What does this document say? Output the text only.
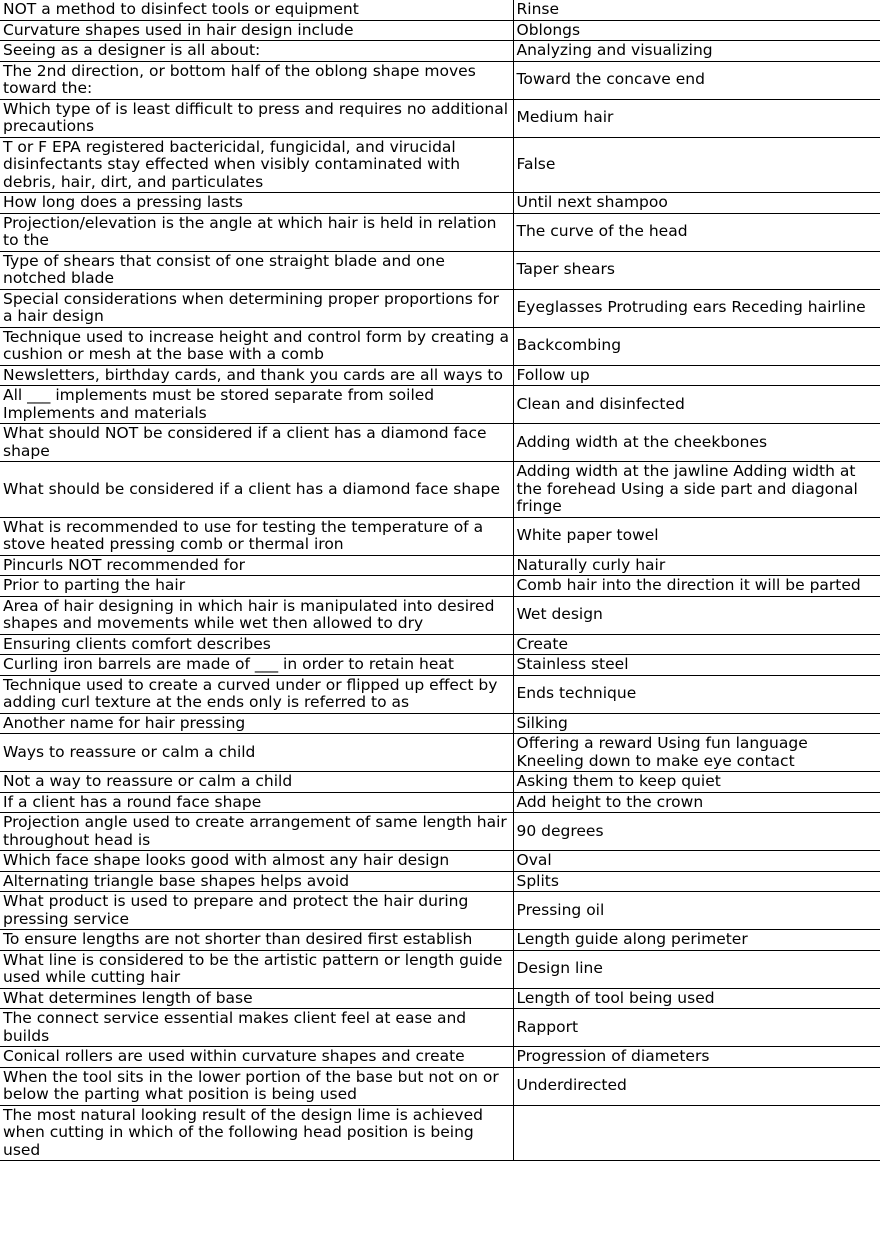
NOT a method to disinfect tools or equipment	Rinse
Curvature shapes used in hair design include	Oblongs
Seeing as a designer is all about:	Analyzing and visualizing
The 2nd direction, or bottom half of the oblong shape moves toward the:	Toward the concave end
Which type of is least difficult to press and requires no additional precautions	Medium hair
T or F EPA registered bactericidal, fungicidal, and virucidal disinfectants stay effected when visibly contaminated with debris, hair, dirt, and particulates	False
How long does a pressing lasts	Until next shampoo
Projection/elevation is the angle at which hair is held in relation to the	The curve of the head
Type of shears that consist of one straight blade and one notched blade	Taper shears
Special considerations when determining proper proportions for a hair design	Eyeglasses Protruding ears Receding hairline
Technique used to increase height and control form by creating a cushion or mesh at the base with a comb	Backcombing
Newsletters, birthday cards, and thank you cards are all ways to	Follow up
All ___ implements must be stored separate from soiled Implements and materials	Clean and disinfected
What should NOT be considered if a client has a diamond face shape	Adding width at the cheekbones
What should be considered if a client has a diamond face shape	Adding width at the jawline Adding width at the forehead Using a side part and diagonal fringe
What is recommended to use for testing the temperature of a stove heated pressing comb or thermal iron	White paper towel
Pincurls NOT recommended for	Naturally curly hair
Prior to parting the hair	Comb hair into the direction it will be parted
Area of hair designing in which hair is manipulated into desired shapes and movements while wet then allowed to dry	Wet design
Ensuring clients comfort describes	Create
Curling iron barrels are made of ___ in order to retain heat	Stainless steel
Technique used to create a curved under or flipped up effect by adding curl texture at the ends only is referred to as	Ends technique
Another name for hair pressing	Silking
Ways to reassure or calm a child	Offering a reward Using fun language Kneeling down to make eye contact
Not a way to reassure or calm a child	Asking them to keep quiet
If a client has a round face shape	Add height to the crown
Projection angle used to create arrangement of same length hair throughout head is	90 degrees
Which face shape looks good with almost any hair design	Oval
Alternating triangle base shapes helps avoid	Splits
What product is used to prepare and protect the hair during pressing service	Pressing oil
To ensure lengths are not shorter than desired first establish	Length guide along perimeter
What line is considered to be the artistic pattern or length guide used while cutting hair	Design line
What determines length of base	Length of tool being used
The connect service essential makes client feel at ease and builds	Rapport
Conical rollers are used within curvature shapes and create	Progression of diameters
When the tool sits in the lower portion of the base but not on or below the parting what position is being used	Underdirected
The most natural looking result of the design lime is achieved when cutting in which of the following head position is being used	
